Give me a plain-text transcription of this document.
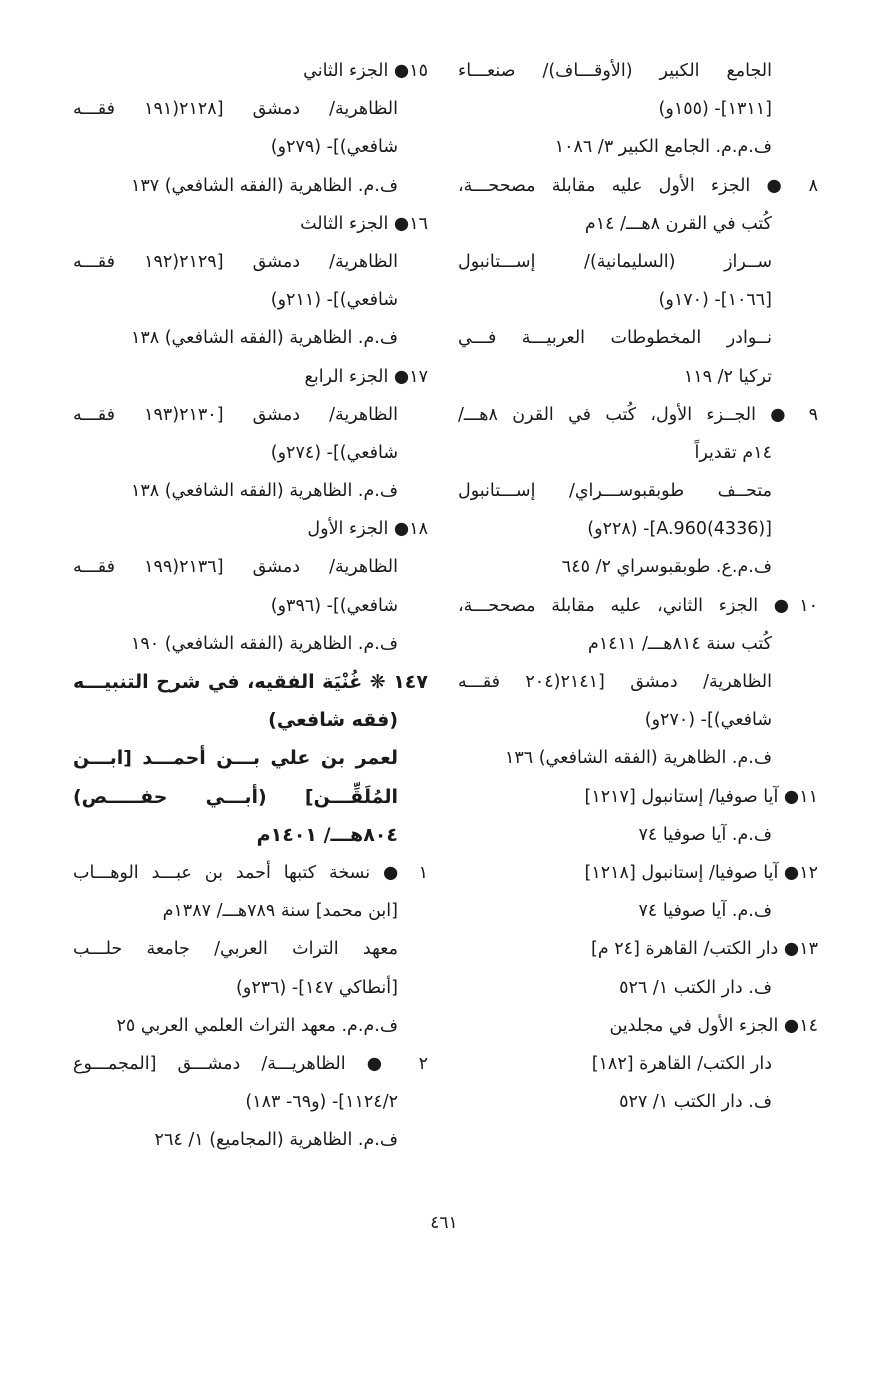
الجامع الكبير (الأوقـــاف)/ صنعـــاء
[١٣١١]- (١٥٥و)
ف.م.م. الجامع الكبير ٣/ ١٠٨٦
٨ ● الجزء الأول عليه مقابلة مصححـــة،
كُتب في القرن ٨هـــ/ ١٤م
ســراز (السليمانية)/ إســـتانبول
[١٠٦٦]- (١٧٠و)
نــوادر المخطوطات العربيـــة فـــي
تركيا ٢/ ١١٩
٩ ● الجــزء الأول، كُتب في القرن ٨هـــ/
١٤م تقديراً
متحــف طوبقبوســـراي/ إســـتانبول
[(4336)A.960]- (٢٢٨و)
ف.م.ع. طوبقبوسراي ٢/ ٦٤٥
١٠● الجزء الثاني، عليه مقابلة مصححـــة،
كُتب سنة ٨١٤هـــ/ ١٤١١م
الظاهرية/ دمشق [٢١٤١(٢٠٤ فقـــه
شافعي)]- (٢٧٠و)
ف.م. الظاهرية (الفقه الشافعي) ١٣٦
١١● آيا صوفيا/ إستانبول [١٢١٧]
ف.م. آيا صوفيا ٧٤
١٢● آيا صوفيا/ إستانبول [١٢١٨]
ف.م. آيا صوفيا ٧٤
١٣● دار الكتب/ القاهرة [٢٤ م]
ف. دار الكتب ١/ ٥٢٦
١٤● الجزء الأول في مجلدين
دار الكتب/ القاهرة [١٨٢]
ف. دار الكتب ١/ ٥٢٧
١٥● الجزء الثاني
الظاهرية/ دمشق [٢١٢٨(١٩١ فقـــه
شافعي)]- (٢٧٩و)
ف.م. الظاهرية (الفقه الشافعي) ١٣٧
١٦● الجزء الثالث
الظاهرية/ دمشق [٢١٢٩(١٩٢ فقـــه
شافعي)]- (٢١١و)
ف.م. الظاهرية (الفقه الشافعي) ١٣٨
١٧● الجزء الرابع
الظاهرية/ دمشق [٢١٣٠(١٩٣ فقـــه
شافعي)]- (٢٧٤و)
ف.م. الظاهرية (الفقه الشافعي) ١٣٨
١٨● الجزء الأول
الظاهرية/ دمشق [٢١٣٦(١٩٩ فقـــه
شافعي)]- (٣٩٦و)
ف.م. الظاهرية (الفقه الشافعي) ١٩٠
١٤٧ ❋ غُنْيَة الفقيه، في شرح التنبيـــه
(فقه شافعي)
لعمر بن علي بـــن أحمـــد [ابـــن
المُلَقِّـــن] (أبـــي حفـــــص)
٨٠٤هـــ/ ١٤٠١م
١ ● نسخة كتبها أحمد بن عبـــد الوهـــاب
[ابن محمد] سنة ٧٨٩هـــ/ ١٣٨٧م
معهد التراث العربي/ جامعة حلـــب
[أنطاكي ١٤٧]- (٢٣٦و)
ف.م.م. معهد التراث العلمي العربي ٢٥
٢ ● الظاهريـــة/ دمشـــق [المجمـــوع
١١٢٤/٢]- (و٦٩- ١٨٣)
ف.م. الظاهرية (المجاميع) ١/ ٢٦٤
٤٦١
